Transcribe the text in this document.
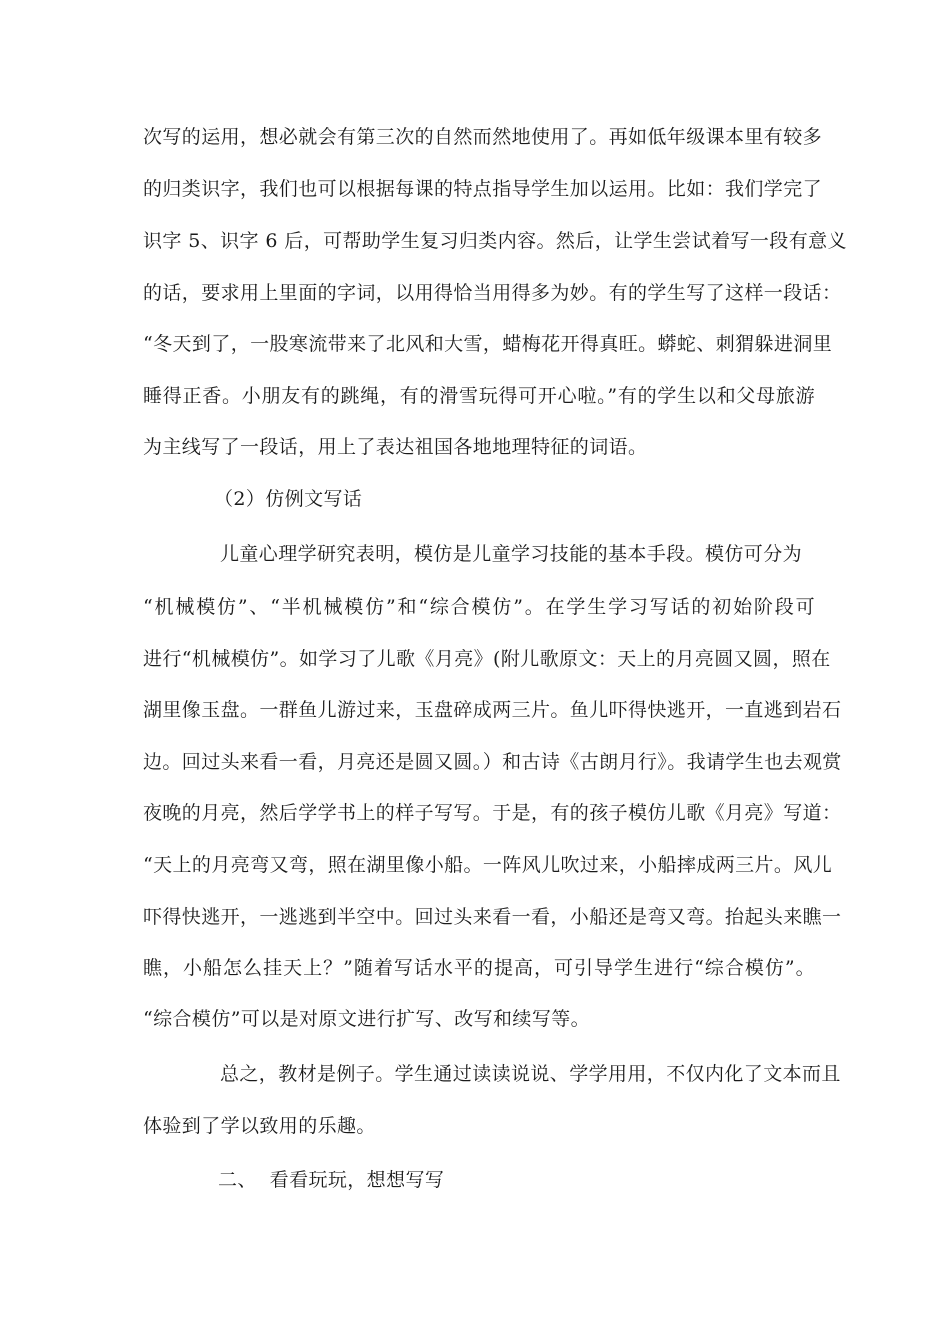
次写的运用，想必就会有第三次的自然而然地使用了。再如低年级课本里有较多
的归类识字，我们也可以根据每课的特点指导学生加以运用。比如：我们学完了
识字 5、识字 6 后，可帮助学生复习归类内容。然后，让学生尝试着写一段有意义
的话，要求用上里面的字词，以用得恰当用得多为妙。有的学生写了这样一段话：
“冬天到了，一股寒流带来了北风和大雪，蜡梅花开得真旺。蟒蛇、刺猬躲进洞里
睡得正香。小朋友有的跳绳，有的滑雪玩得可开心啦。”有的学生以和父母旅游
为主线写了一段话，用上了表达祖国各地地理特征的词语。
（2）仿例文写话
儿童心理学研究表明，模仿是儿童学习技能的基本手段。模仿可分为
“机械模仿”、“半机械模仿”和“综合模仿”。在学生学习写话的初始阶段可
进行“机械模仿”。如学习了儿歌《月亮》(附儿歌原文：天上的月亮圆又圆，照在
湖里像玉盘。一群鱼儿游过来，玉盘碎成两三片。鱼儿吓得快逃开，一直逃到岩石
边。回过头来看一看，月亮还是圆又圆。）和古诗《古朗月行》。我请学生也去观赏
夜晚的月亮，然后学学书上的样子写写。于是，有的孩子模仿儿歌《月亮》写道：
“天上的月亮弯又弯，照在湖里像小船。一阵风儿吹过来，小船摔成两三片。风儿
吓得快逃开，一逃逃到半空中。回过头来看一看，小船还是弯又弯。抬起头来瞧一
瞧，小船怎么挂天上？”随着写话水平的提高，可引导学生进行“综合模仿”。
“综合模仿”可以是对原文进行扩写、改写和续写等。
总之，教材是例子。学生通过读读说说、学学用用，不仅内化了文本而且
体验到了学以致用的乐趣。
二、  看看玩玩，想想写写
